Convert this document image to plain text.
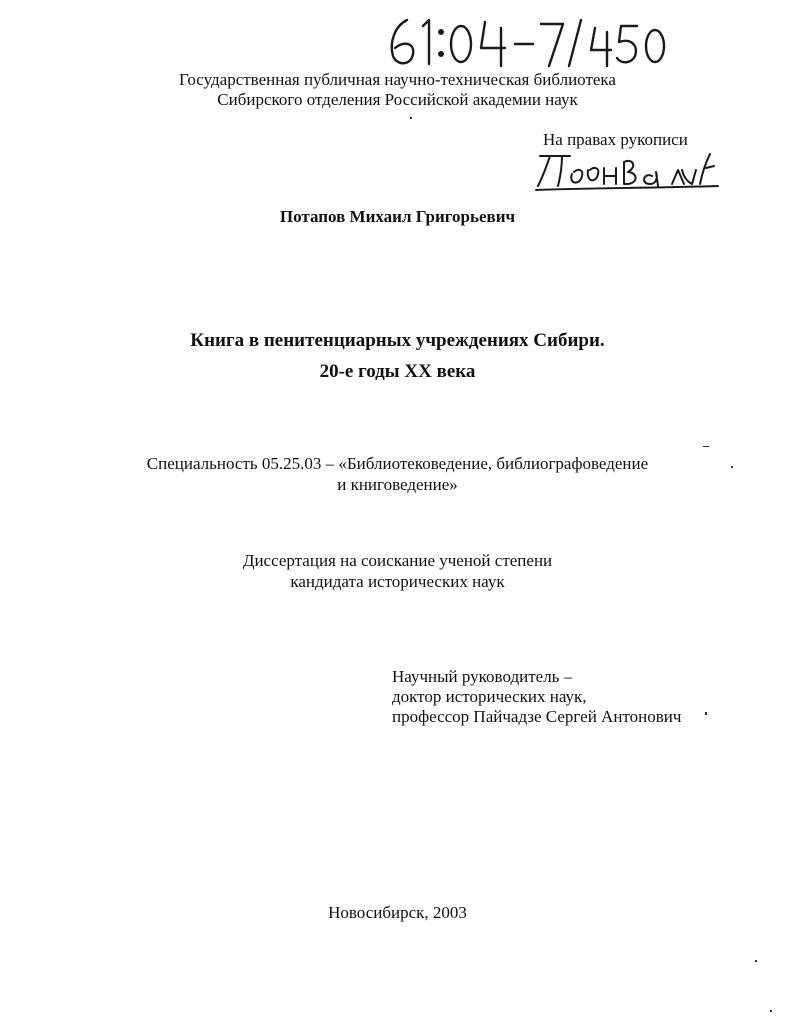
Государственная публичная научно-техническая библиотека
Сибирского отделения Российской академии наук
На правах рукописи
Потапов Михаил Григорьевич
Книга в пенитенциарных учреждениях Сибири.
20-е годы XX века
Специальность 05.25.03 – «Библиотековедение, библиографоведение
и книговедение»
Диссертация на соискание ученой степени
кандидата исторических наук
Научный руководитель –
доктор исторических наук,
профессор Пайчадзе Сергей Антонович
Новосибирск, 2003
